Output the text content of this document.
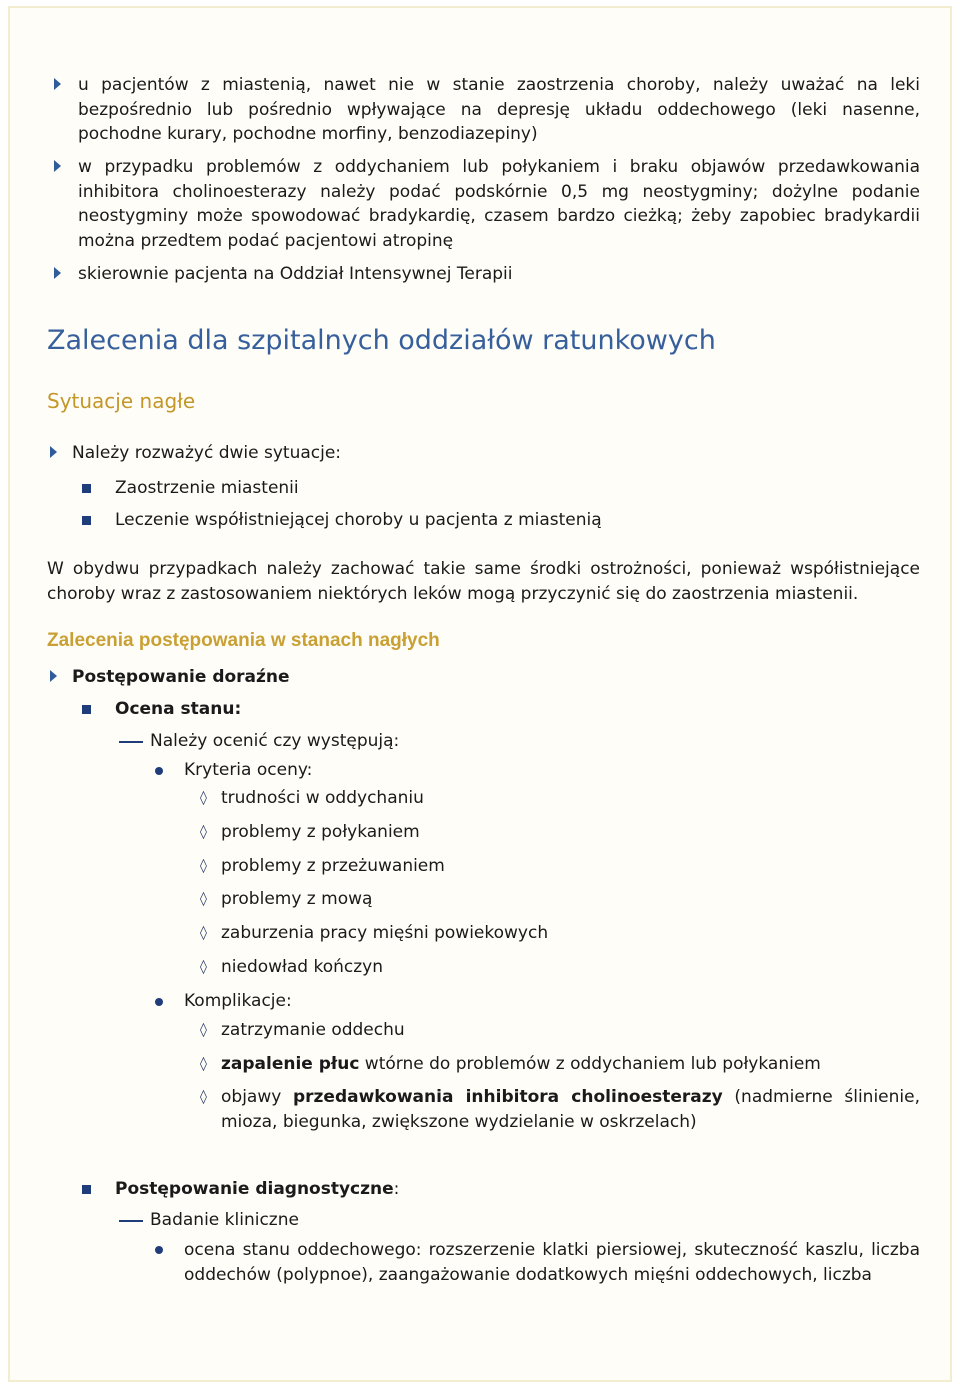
u pacjentów z miastenią, nawet nie w stanie zaostrzenia choroby, należy uważać na leki bezpośrednio lub pośrednio wpływające na depresję układu oddechowego (leki nasenne, pochodne kurary, pochodne morfiny, benzodiazepiny)
w przypadku problemów z oddychaniem lub połykaniem i braku objawów przedawkowania inhibitora cholinoesterazy należy podać podskórnie 0,5 mg neostygminy; dożylne podanie neostygminy może spowodować bradykardię, czasem bardzo cieżką; żeby zapobiec bradykardii można przedtem podać pacjentowi atropinę
skierownie pacjenta na Oddział Intensywnej Terapii
Zalecenia dla szpitalnych oddziałów ratunkowych
Sytuacje nagłe
Należy rozważyć dwie sytuacje:
Zaostrzenie miastenii
Leczenie współistniejącej choroby u pacjenta z miastenią
W obydwu przypadkach należy zachować takie same środki ostrożności, ponieważ współistniejące choroby wraz z zastosowaniem niektórych leków mogą przyczynić się do zaostrzenia miastenii.
Zalecenia postępowania w stanach nagłych
Postępowanie doraźne
Ocena stanu:
Należy ocenić czy występują:
Kryteria oceny:
◊ trudności w oddychaniu
◊ problemy z połykaniem
◊ problemy z przeżuwaniem
◊ problemy z mową
◊ zaburzenia pracy mięśni powiekowych
◊ niedowład kończyn
Komplikacje:
◊ zatrzymanie oddechu
◊ zapalenie płuc wtórne do problemów z oddychaniem lub połykaniem
◊ objawy przedawkowania inhibitora cholinoesterazy (nadmierne ślinienie, mioza, biegunka, zwiększone wydzielanie w oskrzelach)
Postępowanie diagnostyczne:
Badanie kliniczne
ocena stanu oddechowego: rozszerzenie klatki piersiowej, skuteczność kaszlu, liczba oddechów (polypnoe), zaangażowanie dodatkowych mięśni oddechowych, liczba
